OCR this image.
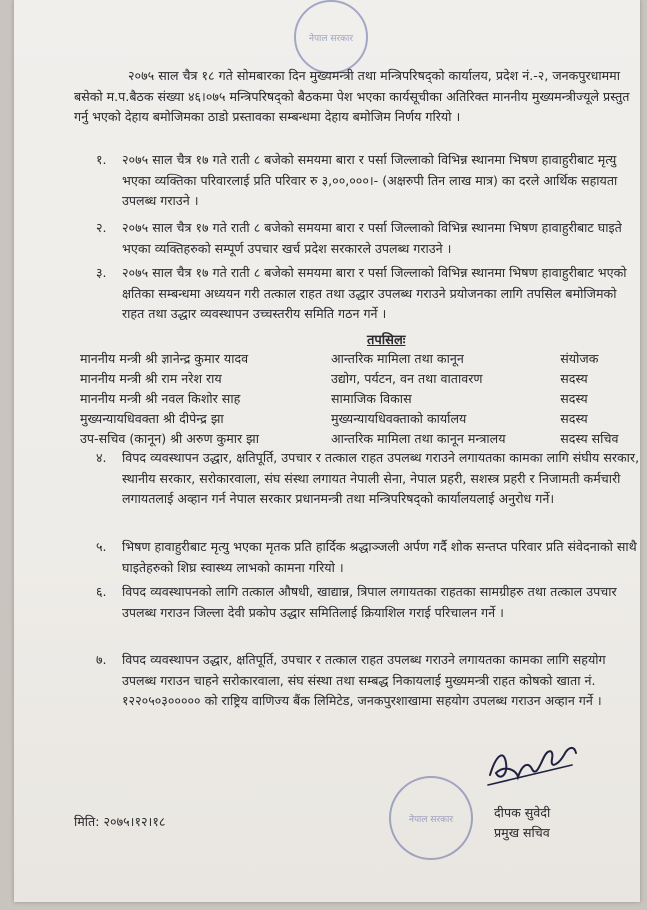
नेपाल सरकार
२०७५ साल चैत्र १८ गते सोमबारका दिन मुख्यमन्त्री तथा मन्त्रिपरिषद्को कार्यालय, प्रदेश नं.-२, जनकपुरधाममा बसेको म.प.बैठक संख्या ४६।०७५ मन्त्रिपरिषद्को बैठकमा पेश भएका कार्यसूचीका अतिरिक्त माननीय मुख्यमन्त्रीज्यूले प्रस्तुत गर्नु भएको देहाय बमोजिमका ठाडो प्रस्तावका सम्बन्धमा देहाय बमोजिम निर्णय गरियो ।
१.	२०७५ साल चैत्र १७ गते राती ८ बजेको समयमा बारा र पर्सा जिल्लाको विभिन्न स्थानमा भिषण हावाहुरीबाट मृत्यु भएका व्यक्तिका परिवारलाई प्रति परिवार रु ३,००,०००।- (अक्षरुपी तिन लाख मात्र) का दरले आर्थिक सहायता उपलब्ध गराउने ।
२.	२०७५ साल चैत्र १७ गते राती ८ बजेको समयमा बारा र पर्सा जिल्लाको विभिन्न स्थानमा भिषण हावाहुरीबाट घाइते भएका व्यक्तिहरुको सम्पूर्ण उपचार खर्च प्रदेश सरकारले उपलब्ध गराउने ।
३.	२०७५ साल चैत्र १७ गते राती ८ बजेको समयमा बारा र पर्सा जिल्लाको विभिन्न स्थानमा भिषण हावाहुरीबाट भएको क्षतिका सम्बन्धमा अध्ययन गरी तत्काल राहत तथा उद्धार उपलब्ध गराउने प्रयोजनका लागि तपसिल बमोजिमको राहत तथा उद्धार व्यवस्थापन उच्चस्तरीय समिति गठन गर्ने ।
तपसिलः
माननीय मन्त्री श्री ज्ञानेन्द्र कुमार यादव	आन्तरिक मामिला तथा कानून	संयोजक
माननीय मन्त्री श्री राम नरेश राय	उद्योग, पर्यटन, वन तथा वातावरण	सदस्य
माननीय मन्त्री श्री नवल किशोर साह	सामाजिक विकास	सदस्य
मुख्यन्यायधिवक्ता श्री दीपेन्द्र झा	मुख्यन्यायधिवक्ताको कार्यालय	सदस्य
उप-सचिव (कानून) श्री अरुण कुमार झा	आन्तरिक मामिला तथा कानून मन्त्रालय	सदस्य सचिव
४.	विपद व्यवस्थापन उद्धार, क्षतिपूर्ति, उपचार र तत्काल राहत उपलब्ध गराउने लगायतका कामका लागि संघीय सरकार, स्थानीय सरकार, सरोकारवाला, संघ संस्था लगायत नेपाली सेना, नेपाल प्रहरी, सशस्त्र प्रहरी र निजामती कर्मचारी लगायतलाई अव्हान गर्न नेपाल सरकार प्रधानमन्त्री तथा मन्त्रिपरिषद्को कार्यालयलाई अनुरोध गर्ने।
५.	भिषण हावाहुरीबाट मृत्यु भएका मृतक प्रति हार्दिक श्रद्धाञ्जली अर्पण गर्दै शोक सन्तप्त परिवार प्रति संवेदनाको साथै घाइतेहरुको शिघ्र स्वास्थ्य लाभको कामना गरियो ।
६.	विपद व्यवस्थापनको लागि तत्काल औषधी, खाद्यान्न, त्रिपाल लगायतका राहतका सामग्रीहरु तथा तत्काल उपचार उपलब्ध गराउन जिल्ला देवी प्रकोप उद्धार समितिलाई क्रियाशिल गराई परिचालन गर्ने ।
७.	विपद व्यवस्थापन उद्धार, क्षतिपूर्ति, उपचार र तत्काल राहत उपलब्ध गराउने लगायतका कामका लागि सहयोग उपलब्ध गराउन चाहने सरोकारवाला, संघ संस्था तथा सम्बद्ध निकायलाई मुख्यमन्त्री राहत कोषको खाता नं. १२२०५०३००००० को राष्ट्रिय वाणिज्य बैंक लिमिटेड, जनकपुरशाखामा सहयोग उपलब्ध गराउन अव्हान गर्ने ।
नेपाल सरकार	दीपक सुवेदी
प्रमुख सचिव
मिति: २०७५।१२।१८
